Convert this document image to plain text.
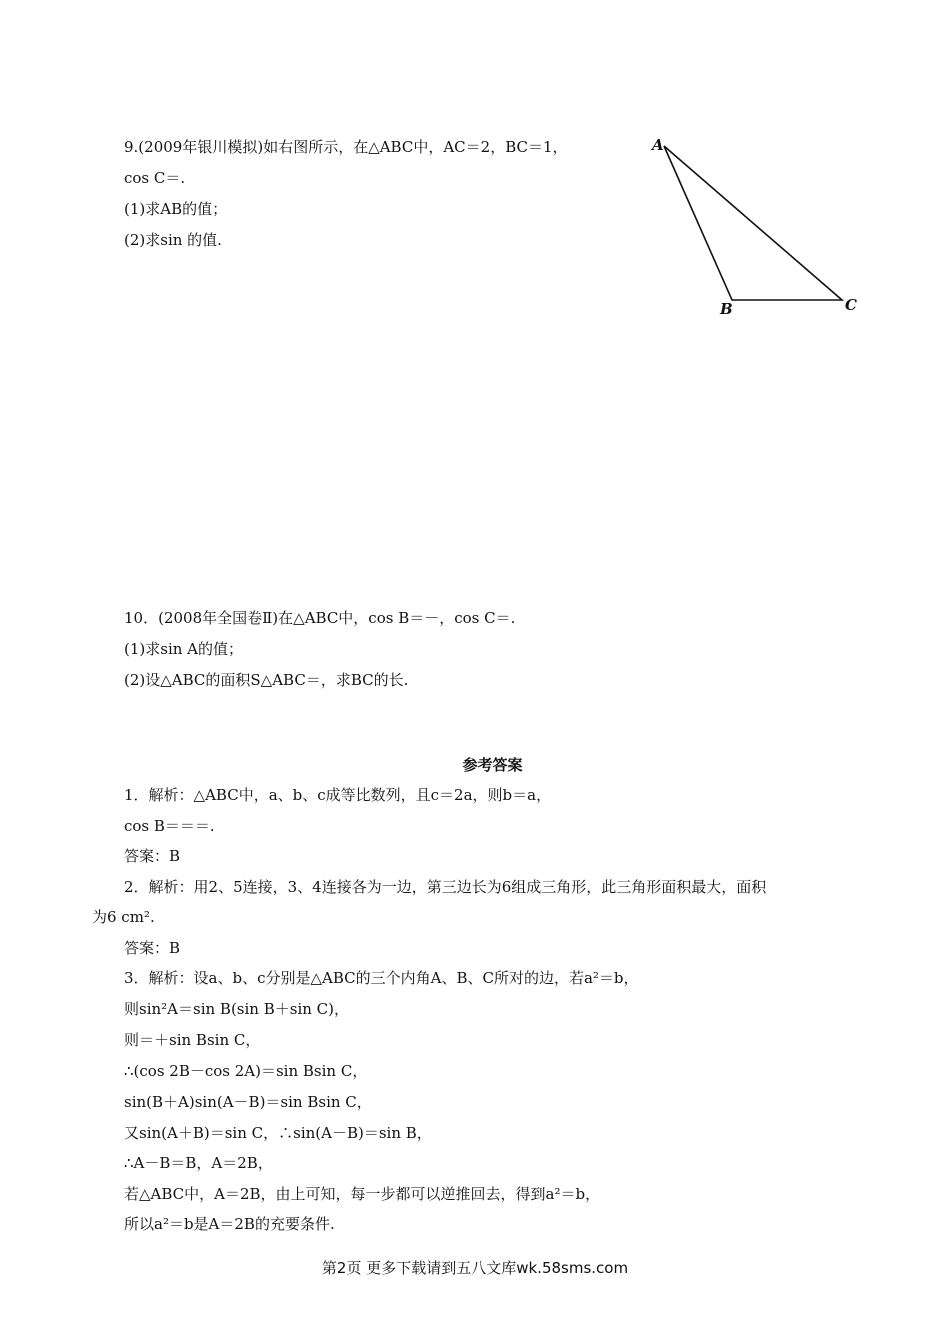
9.(2009年银川模拟)如右图所示，在△ABC中，AC＝2，BC＝1，
cos C＝.
(1)求AB的值；
(2)求sin 的值.
A
B	C
10．(2008年全国卷Ⅱ)在△ABC中，cos B＝－，cos C＝.
(1)求sin A的值；
(2)设△ABC的面积S△ABC＝，求BC的长.
参考答案
1．解析：△ABC中，a、b、c成等比数列，且c＝2a，则b＝a，
cos B＝＝＝.
答案：B
2．解析：用2、5连接，3、4连接各为一边，第三边长为6组成三角形，此三角形面积最大，面积
为6 cm².
答案：B
3．解析：设a、b、c分别是△ABC的三个内角A、B、C所对的边，若a²＝b，
则sin²A＝sin B(sin B＋sin C)，
则＝＋sin Bsin C，
∴(cos 2B－cos 2A)＝sin Bsin C，
sin(B＋A)sin(A－B)＝sin Bsin C，
又sin(A＋B)＝sin C，∴sin(A－B)＝sin B，
∴A－B＝B，A＝2B，
若△ABC中，A＝2B，由上可知，每一步都可以逆推回去，得到a²＝b，
所以a²＝b是A＝2B的充要条件.
第2页 更多下载请到五八文库wk.58sms.com
